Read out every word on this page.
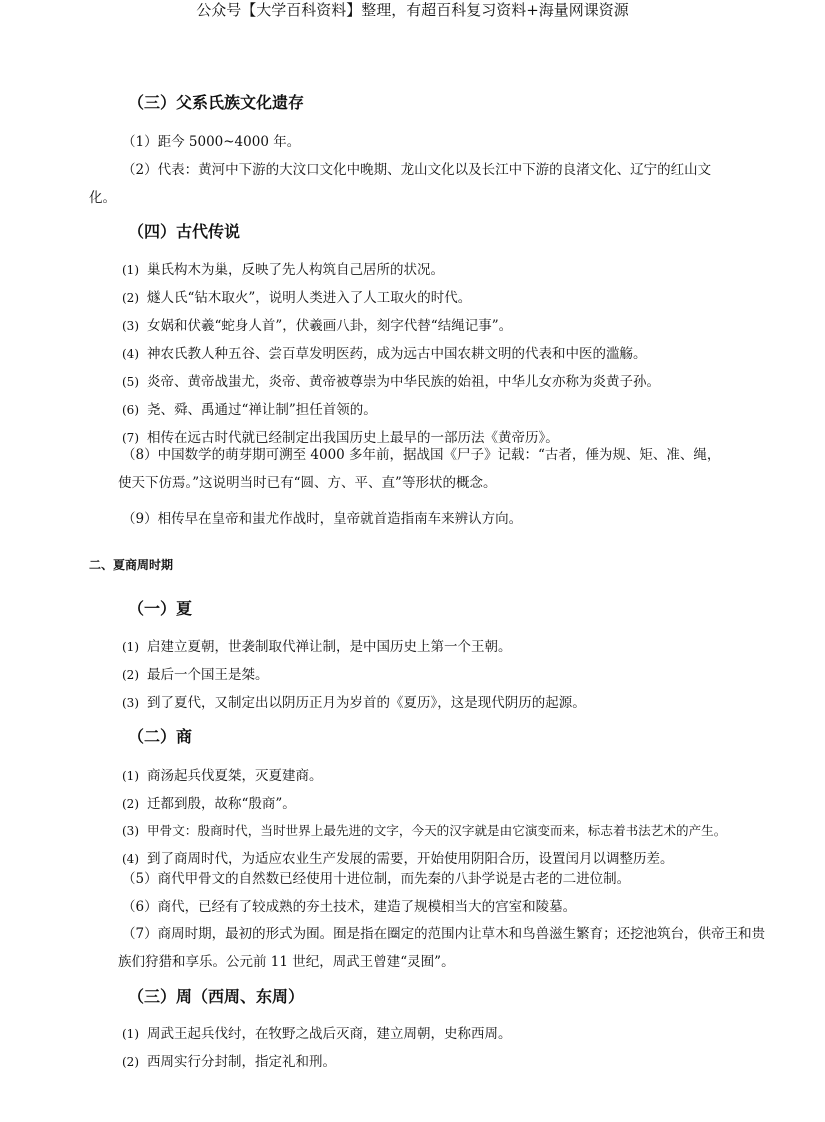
公众号【大学百科资料】整理，有超百科复习资料+海量网课资源
（三）父系氏族文化遗存
（1）距今 5000~4000 年。
（2）代表：黄河中下游的大汶口文化中晚期、龙山文化以及长江中下游的良渚文化、辽宁的红山文
化。
（四）古代传说
(1) 巢氏构木为巢，反映了先人构筑自己居所的状况。
(2) 燧人氏“钻木取火”，说明人类进入了人工取火的时代。
(3) 女娲和伏羲“蛇身人首”，伏羲画八卦，刻字代替“结绳记事”。
(4) 神农氏教人种五谷、尝百草发明医药，成为远古中国农耕文明的代表和中医的滥觞。
(5) 炎帝、黄帝战蚩尤，炎帝、黄帝被尊崇为中华民族的始祖，中华儿女亦称为炎黄子孙。
(6) 尧、舜、禹通过“禅让制”担任首领的。
(7) 相传在远古时代就已经制定出我国历史上最早的一部历法《黄帝历》。
（8）中国数学的萌芽期可溯至 4000 多年前，据战国《尸子》记载：“古者，倕为规、矩、准、绳，
使天下仿焉。”这说明当时已有“圆、方、平、直”等形状的概念。
（9）相传早在皇帝和蚩尤作战时，皇帝就首造指南车来辨认方向。
二、夏商周时期
（一）夏
(1) 启建立夏朝，世袭制取代禅让制，是中国历史上第一个王朝。
(2) 最后一个国王是桀。
(3) 到了夏代，又制定出以阴历正月为岁首的《夏历》，这是现代阴历的起源。
（二）商
(1) 商汤起兵伐夏桀，灭夏建商。
(2) 迁都到殷，故称“殷商”。
(3) 甲骨文：殷商时代，当时世界上最先进的文字，今天的汉字就是由它演变而来，标志着书法艺术的产生。
(4) 到了商周时代，为适应农业生产发展的需要，开始使用阴阳合历，设置闰月以调整历差。
（5）商代甲骨文的自然数已经使用十进位制，而先秦的八卦学说是古老的二进位制。
（6）商代，已经有了较成熟的夯土技术，建造了规模相当大的宫室和陵墓。
（7）商周时期，最初的形式为囿。囿是指在圈定的范围内让草木和鸟兽滋生繁育；还挖池筑台，供帝王和贵
族们狩猎和享乐。公元前 11 世纪，周武王曾建“灵囿”。
（三）周（西周、东周）
(1) 周武王起兵伐纣，在牧野之战后灭商，建立周朝，史称西周。
(2) 西周实行分封制，指定礼和刑。
